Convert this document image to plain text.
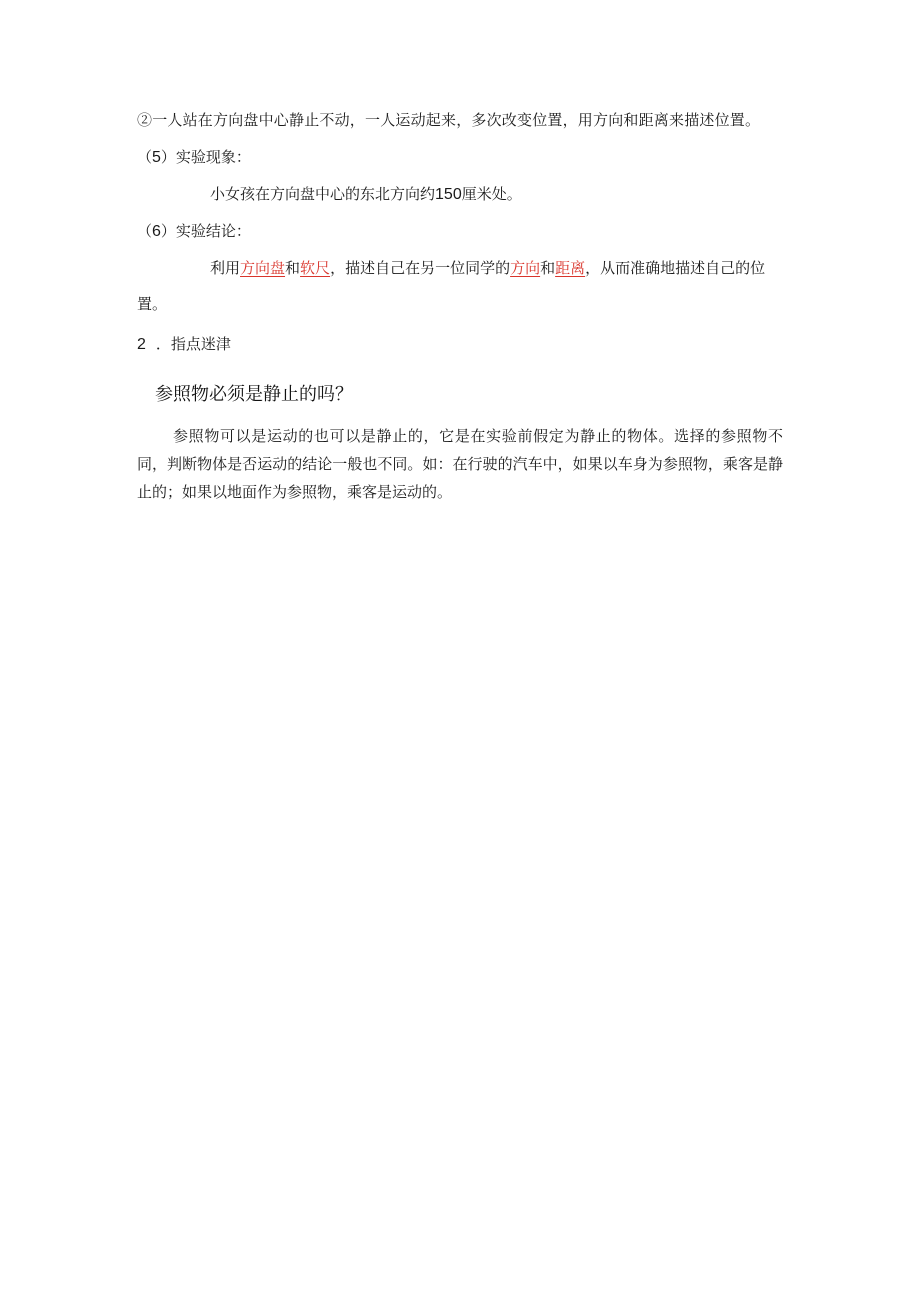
②一人站在方向盘中心静止不动，一人运动起来，多次改变位置，用方向和距离来描述位置。
（5）实验现象：
小女孩在方向盘中心的东北方向约150厘米处。
（6）实验结论：
利用方向盘和软尺，描述自己在另一位同学的方向和距离，从而准确地描述自己的位
置。
2 ．指点迷津
参照物必须是静止的吗？
参照物可以是运动的也可以是静止的，它是在实验前假定为静止的物体。选择的参照物不同，判断物体是否运动的结论一般也不同。如：在行驶的汽车中，如果以车身为参照物，乘客是静止的；如果以地面作为参照物，乘客是运动的。
